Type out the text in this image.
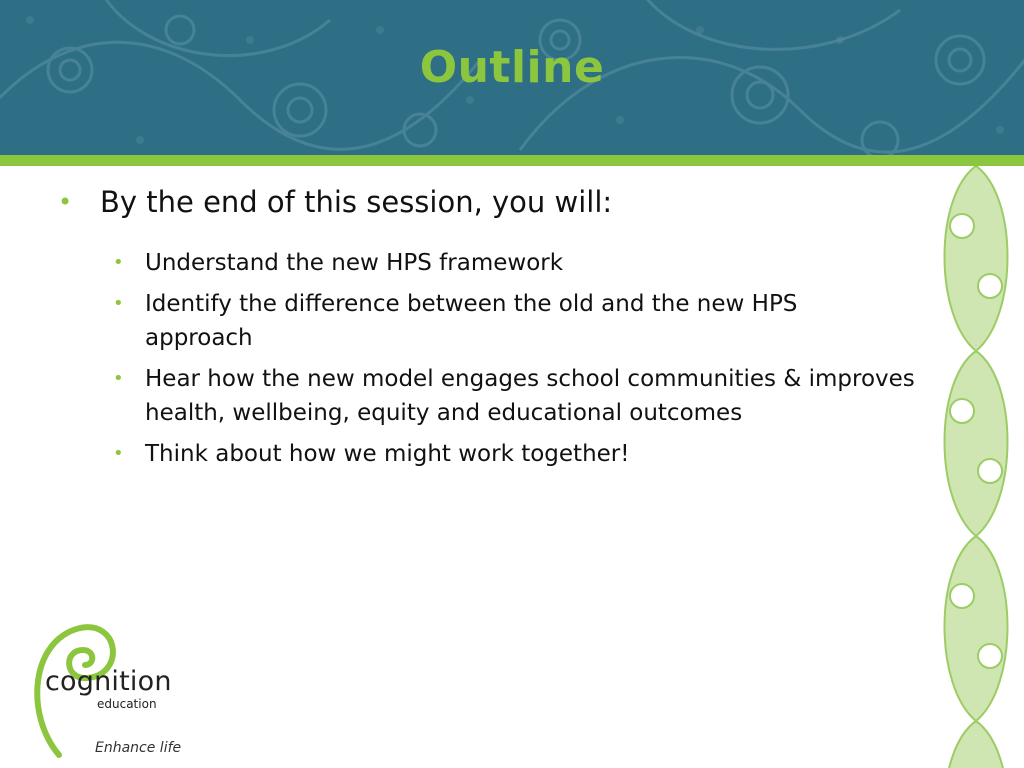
Outline
• By the end of this session, you will:
• Understand the new HPS framework
• Identify the difference between the old and the new HPS approach
• Hear how the new model engages school communities & improves health, wellbeing, equity and educational outcomes
• Think about how we might work together!
cognition
education
Enhance life
